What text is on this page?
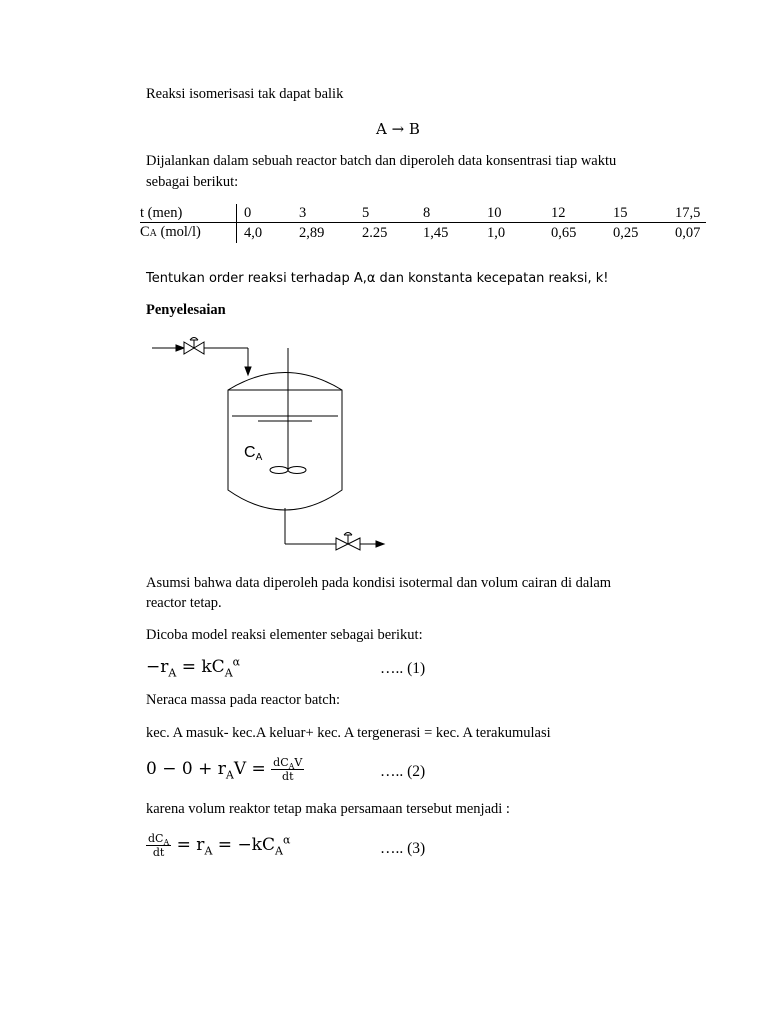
Reaksi isomerisasi tak dapat balik
A → B
Dijalankan dalam sebuah reactor batch dan diperoleh data konsentrasi tiap waktu
sebagai berikut:
t (men)	0	3	5	8	10	12	15	17,5
CA (mol/l)	4,0	2,89	2.25	1,45	1,0	0,65	0,25	0,07
Tentukan order reaksi terhadap A,α dan konstanta kecepatan reaksi, k!
Penyelesaian
CA
Asumsi bahwa data diperoleh pada kondisi isotermal dan volum cairan di dalam
reactor tetap.
Dicoba model reaksi elementer sebagai berikut:
$-r_A = kC_A^\alpha$	….. (1)
Neraca massa pada reactor batch:
kec. A masuk- kec.A keluar+ kec. A tergenerasi = kec. A terakumulasi
$0 - 0 + r_AV = \frac{dC_AV}{dt}$	….. (2)
karena volum reaktor tetap maka persamaan tersebut menjadi :
$\frac{dC_A}{dt} = r_A = -kC_A^\alpha$
….. (3)
